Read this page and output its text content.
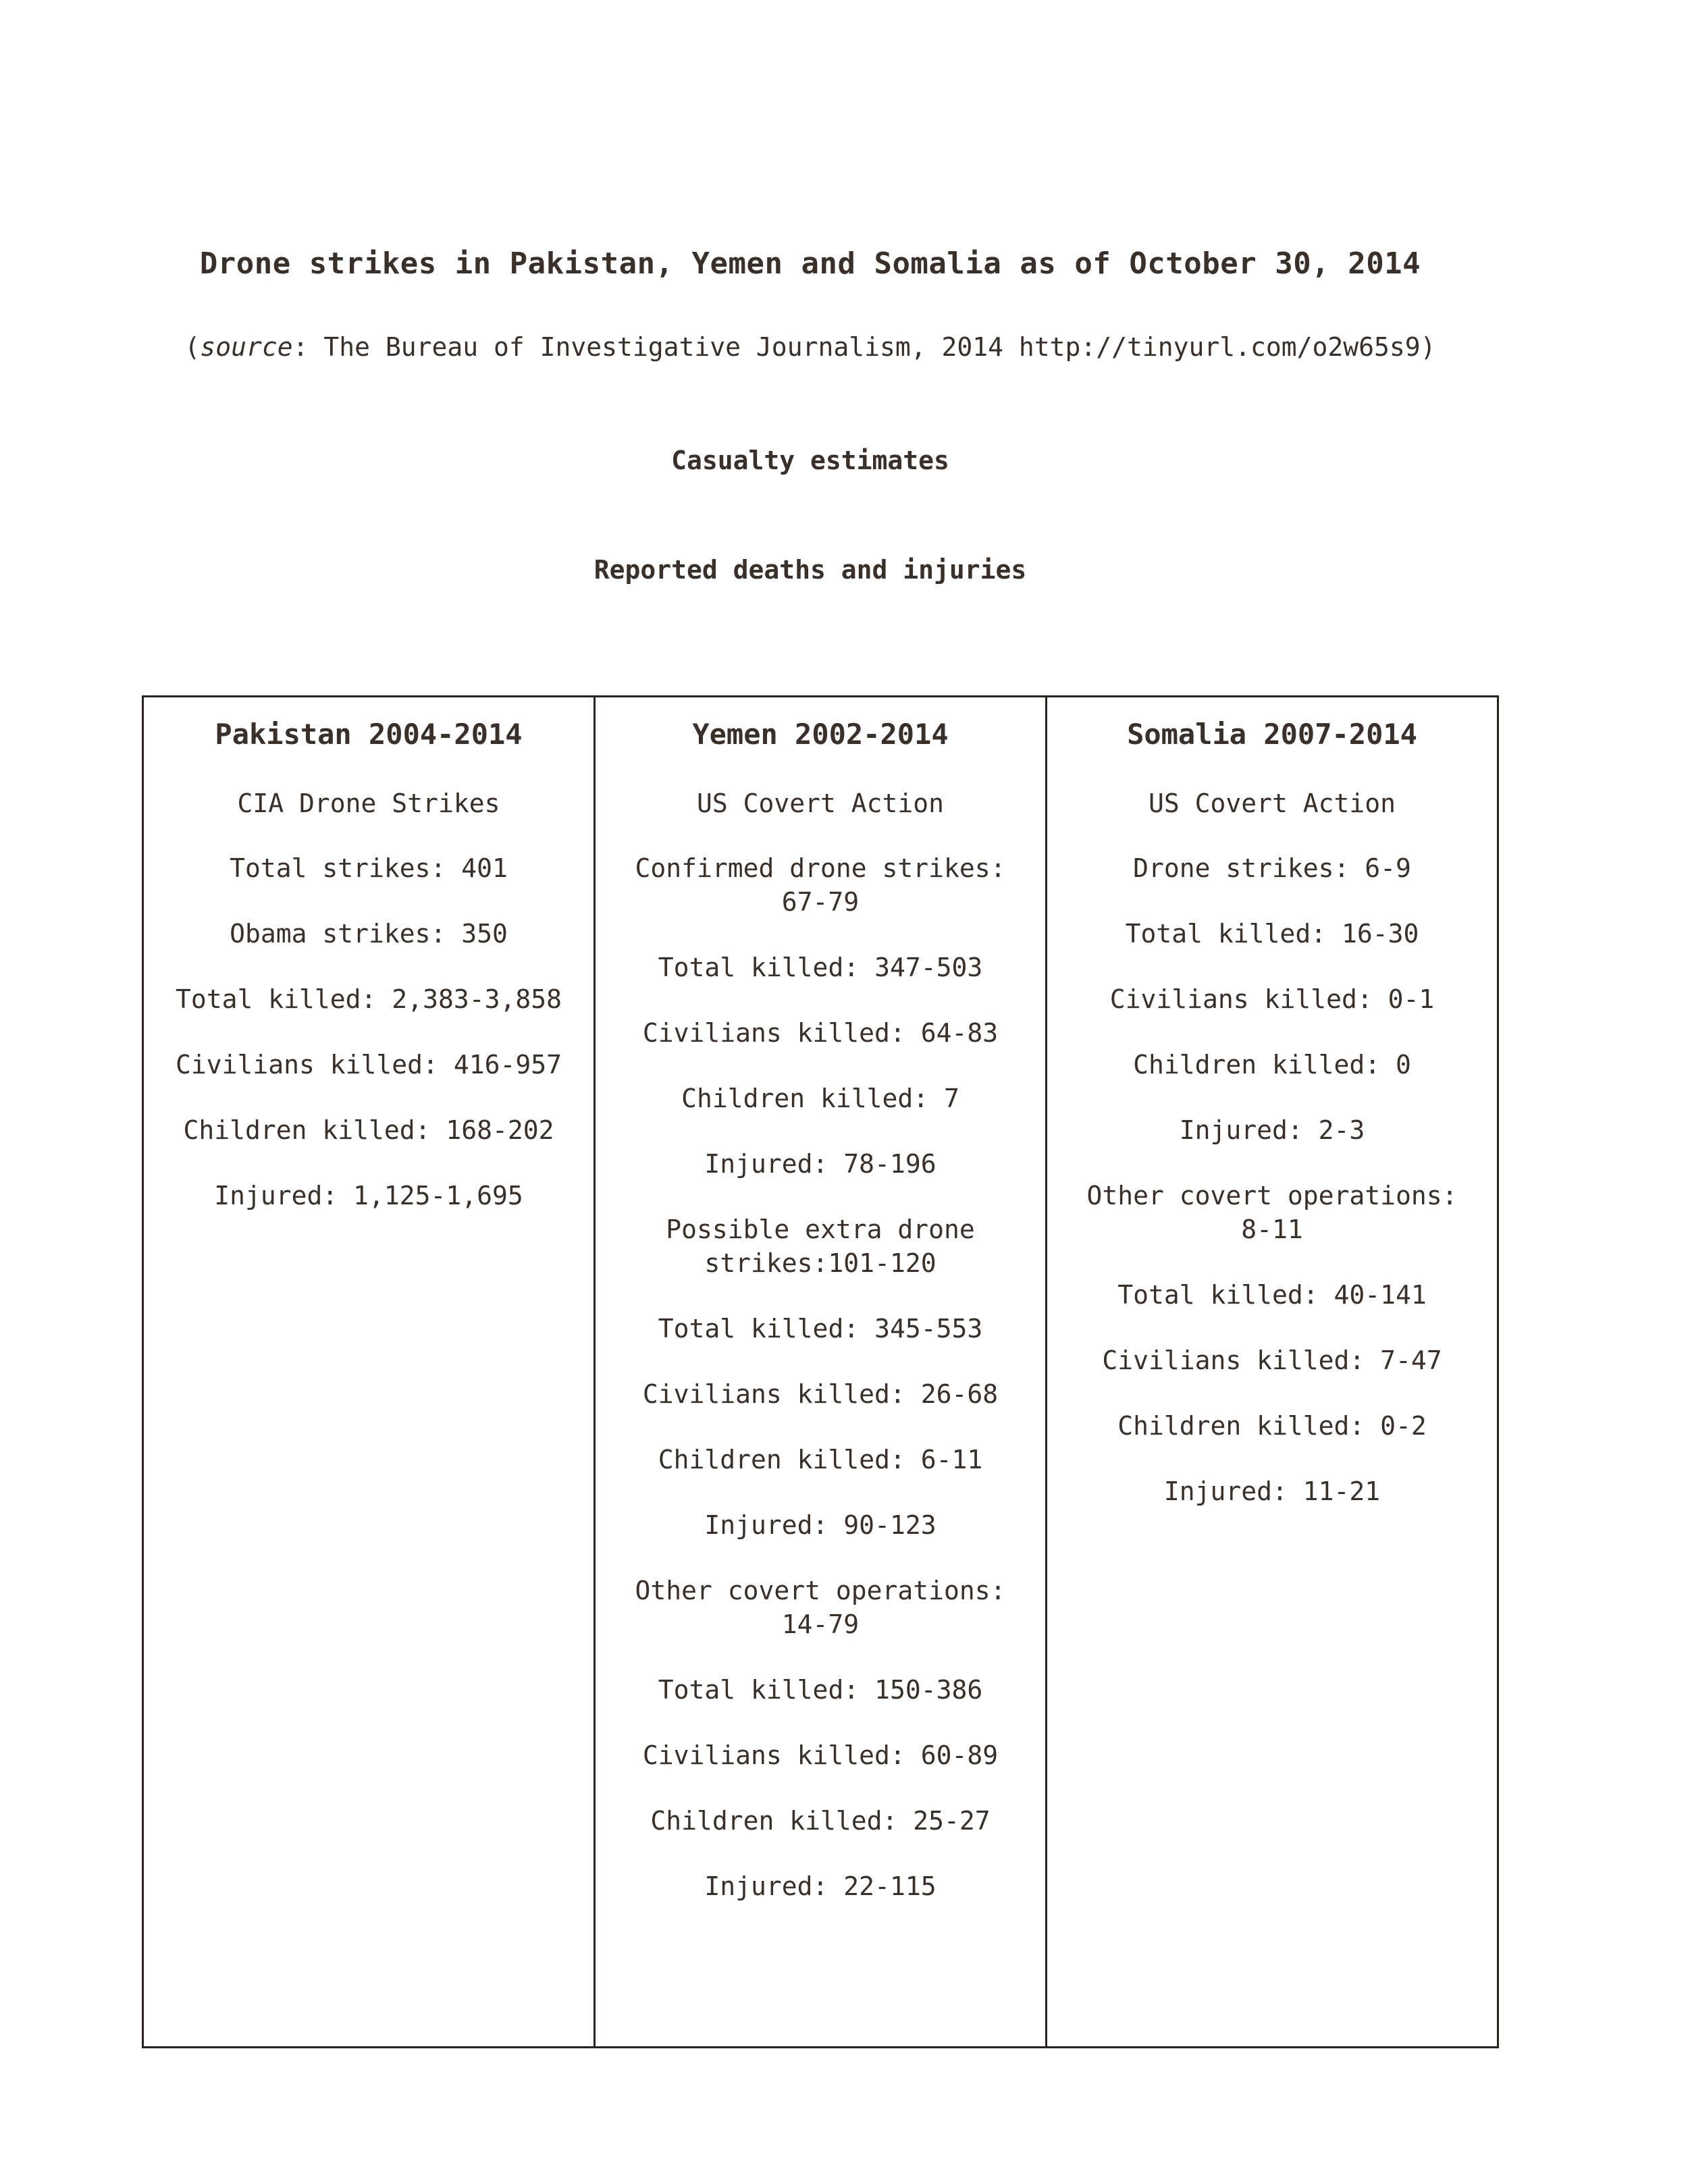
Drone strikes in Pakistan, Yemen and Somalia as of October 30, 2014
(source: The Bureau of Investigative Journalism, 2014 http://tinyurl.com/o2w65s9)
Casualty estimates
Reported deaths and injuries
Pakistan 2004-2014
CIA Drone Strikes
Total strikes: 401
Obama strikes: 350
Total killed: 2,383-3,858
Civilians killed: 416-957
Children killed: 168-202
Injured: 1,125-1,695
Yemen 2002-2014
US Covert Action
Confirmed drone strikes: 67-79
Total killed: 347-503
Civilians killed: 64-83
Children killed: 7
Injured: 78-196
Possible extra drone strikes:101-120
Total killed: 345-553
Civilians killed: 26-68
Children killed: 6-11
Injured: 90-123
Other covert operations: 14-79
Total killed: 150-386
Civilians killed: 60-89
Children killed: 25-27
Injured: 22-115
Somalia 2007-2014
US Covert Action
Drone strikes: 6-9
Total killed: 16-30
Civilians killed: 0-1
Children killed: 0
Injured: 2-3
Other covert operations: 8-11
Total killed: 40-141
Civilians killed: 7-47
Children killed: 0-2
Injured: 11-21
